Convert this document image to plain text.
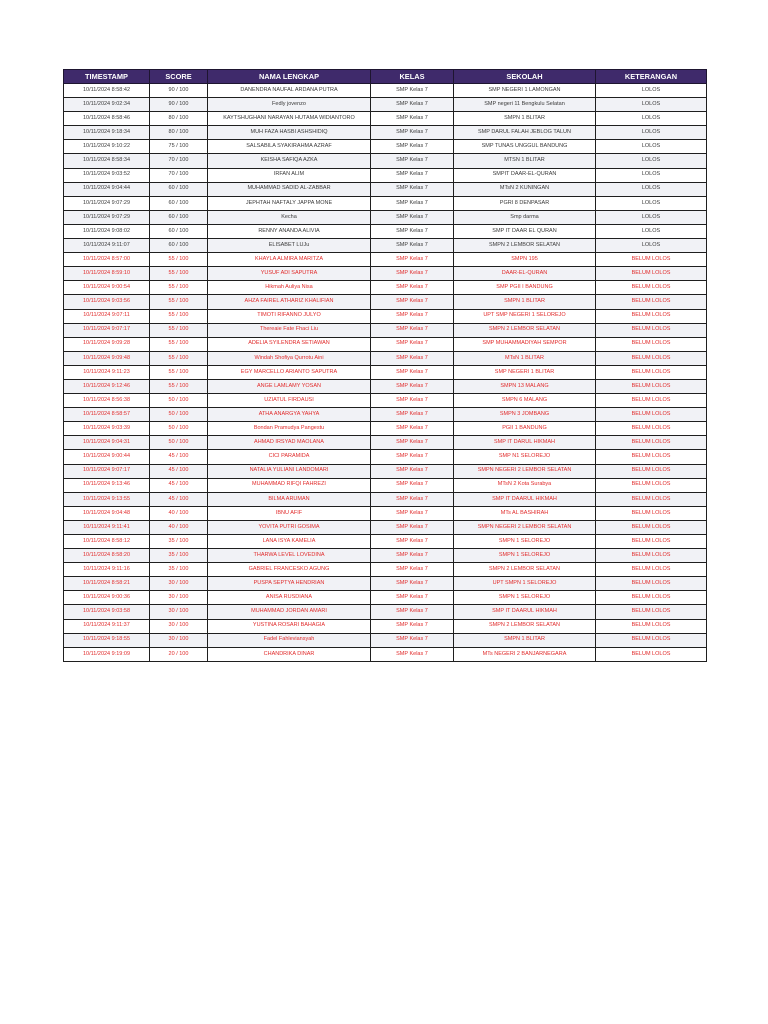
TIMESTAMP	SCORE	NAMA LENGKAP	KELAS	SEKOLAH	KETERANGAN
10/11/2024 8:58:42	90 / 100	DANENDRA NAUFAL ARDANA PUTRA	SMP Kelas 7	SMP NEGERI 1 LAMONGAN	LOLOS
10/11/2024 9:02:34	90 / 100	Fedly jovenzo	SMP Kelas 7	SMP negeri 11 Bengkulu Selatan	LOLOS
10/11/2024 8:58:46	80 / 100	KAYTSHUGHANI NARAYAN HUTAMA WIDIANTORO	SMP Kelas 7	SMPN 1 BLITAR	LOLOS
10/11/2024 9:18:34	80 / 100	MUH FAZA HASBI ASHSHIDIQ	SMP Kelas 7	SMP DARUL FALAH JEBLOG TALUN	LOLOS
10/11/2024 9:10:22	75 / 100	SALSABILA SYAKIRAHMA AZRAF	SMP Kelas 7	SMP TUNAS UNGGUL BANDUNG	LOLOS
10/11/2024 8:58:34	70 / 100	KEISHA SAFIQA AZKA	SMP Kelas 7	MTSN 1 BLITAR	LOLOS
10/11/2024 9:03:52	70 / 100	IRFAN ALIM	SMP Kelas 7	SMPIT DAAR-EL-QURAN	LOLOS
10/11/2024 9:04:44	60 / 100	MUHAMMAD SADID AL-ZABBAR	SMP Kelas 7	MTsN 2 KUNINGAN	LOLOS
10/11/2024 9:07:29	60 / 100	JEPHTAH NAFTALY JAPPA MONE	SMP Kelas 7	PGRI 8 DENPASAR	LOLOS
10/11/2024 9:07:29	60 / 100	Kecha	SMP Kelas 7	Smp darma	LOLOS
10/11/2024 9:08:02	60 / 100	RENNY ANANDA ALIVIA	SMP Kelas 7	SMP IT DAAR EL QURAN	LOLOS
10/11/2024 9:11:07	60 / 100	ELISABET LUJu	SMP Kelas 7	SMPN 2 LEMBOR SELATAN	LOLOS
10/11/2024 8:57:00	55 / 100	KHAYLA ALMIRA MARITZA	SMP Kelas 7	SMPN 195	BELUM LOLOS
10/11/2024 8:59:10	55 / 100	YUSUF ADI SAPUTRA	SMP Kelas 7	DAAR-EL-QURAN	BELUM LOLOS
10/11/2024 9:00:54	55 / 100	Hikmah Auliya Nisa	SMP Kelas 7	SMP PGII I BANDUNG	BELUM LOLOS
10/11/2024 9:03:56	55 / 100	AHZA FAIREL ATHARIZ KHALIFIAN	SMP Kelas 7	SMPN 1 BLITAR	BELUM LOLOS
10/11/2024 9:07:11	55 / 100	TIMOTI RIFANNO JULYO	SMP Kelas 7	UPT SMP NEGERI 1 SELOREJO	BELUM LOLOS
10/11/2024 9:07:17	55 / 100	Thereaie Fate Fhaci Liu	SMP Kelas 7	SMPN 2 LEMBOR SELATAN	BELUM LOLOS
10/11/2024 9:09:28	55 / 100	ADELIA SYILENDRA SETIAWAN	SMP Kelas 7	SMP MUHAMMADIYAH SEMPOR	BELUM LOLOS
10/11/2024 9:09:48	55 / 100	Windah Shofiya Qurrotu Aini	SMP Kelas 7	MTsN 1 BLITAR	BELUM LOLOS
10/11/2024 9:11:23	55 / 100	EGY MARCELLO ARIANTO SAPUTRA	SMP Kelas 7	SMP NEGERI 1 BLITAR	BELUM LOLOS
10/11/2024 9:12:46	55 / 100	ANGE LAMLAMY YOSAN	SMP Kelas 7	SMPN 13 MALANG	BELUM LOLOS
10/11/2024 8:56:38	50 / 100	UZIATUL FIRDAUSI	SMP Kelas 7	SMPN 6 MALANG	BELUM LOLOS
10/11/2024 8:58:57	50 / 100	ATHA ANARGYA YAHYA	SMP Kelas 7	SMPN 3 JOMBANG	BELUM LOLOS
10/11/2024 9:03:39	50 / 100	Bondan Pramudya Pangestu	SMP Kelas 7	PGII 1 BANDUNG	BELUM LOLOS
10/11/2024 9:04:31	50 / 100	AHMAD IRSYAD MAOLANA	SMP Kelas 7	SMP IT DARUL HIKMAH	BELUM LOLOS
10/11/2024 9:00:44	45 / 100	CICI PARAMIDA	SMP Kelas 7	SMP N1 SELOREJO	BELUM LOLOS
10/11/2024 9:07:17	45 / 100	NATALIA YULIANI LANDOMARI	SMP Kelas 7	SMPN NEGERI 2 LEMBOR SELATAN	BELUM LOLOS
10/11/2024 9:13:46	45 / 100	MUHAMMAD RIFQI FAHREZI	SMP Kelas 7	MTsN 2 Kota Surabya	BELUM LOLOS
10/11/2024 9:13:55	45 / 100	BILMA ARUMAN	SMP Kelas 7	SMP IT DAARUL HIKMAH	BELUM LOLOS
10/11/2024 9:04:48	40 / 100	IBNU AFIF	SMP Kelas 7	MTs AL BASHIRAH	BELUM LOLOS
10/11/2024 9:11:41	40 / 100	YOVITA PUTRI GOSIMA	SMP Kelas 7	SMPN NEGERI 2 LEMBOR SELATAN	BELUM LOLOS
10/11/2024 8:58:12	35 / 100	LANA ISYA KAMELIA	SMP Kelas 7	SMPN 1 SELOREJO	BELUM LOLOS
10/11/2024 8:58:20	35 / 100	THARWA LEVEL LOVEDINA	SMP Kelas 7	SMPN 1 SELOREJO	BELUM LOLOS
10/11/2024 9:11:16	35 / 100	GABRIEL FRANCESKO AGUNG	SMP Kelas 7	SMPN 2 LEMBOR SELATAN	BELUM LOLOS
10/11/2024 8:58:21	30 / 100	PUSPA SEPTYA HENDRIAN	SMP Kelas 7	UPT SMPN 1 SELOREJO	BELUM LOLOS
10/11/2024 9:00:36	30 / 100	ANISA RUSDIANA	SMP Kelas 7	SMPN 1 SELOREJO	BELUM LOLOS
10/11/2024 9:03:58	30 / 100	MUHAMMAD JORDAN AMARI	SMP Kelas 7	SMP IT DAARUL HIKMAH	BELUM LOLOS
10/11/2024 9:11:37	30 / 100	YUSTINA ROSARI BAHAGIA	SMP Kelas 7	SMPN 2 LEMBOR SELATAN	BELUM LOLOS
10/11/2024 9:18:55	30 / 100	Fadel Fahleviansyah	SMP Kelas 7	SMPN 1 BLITAR	BELUM LOLOS
10/11/2024 9:19:09	20 / 100	CHANDRIKA DINAR	SMP Kelas 7	MTs NEGERI 2 BANJARNEGARA	BELUM LOLOS
